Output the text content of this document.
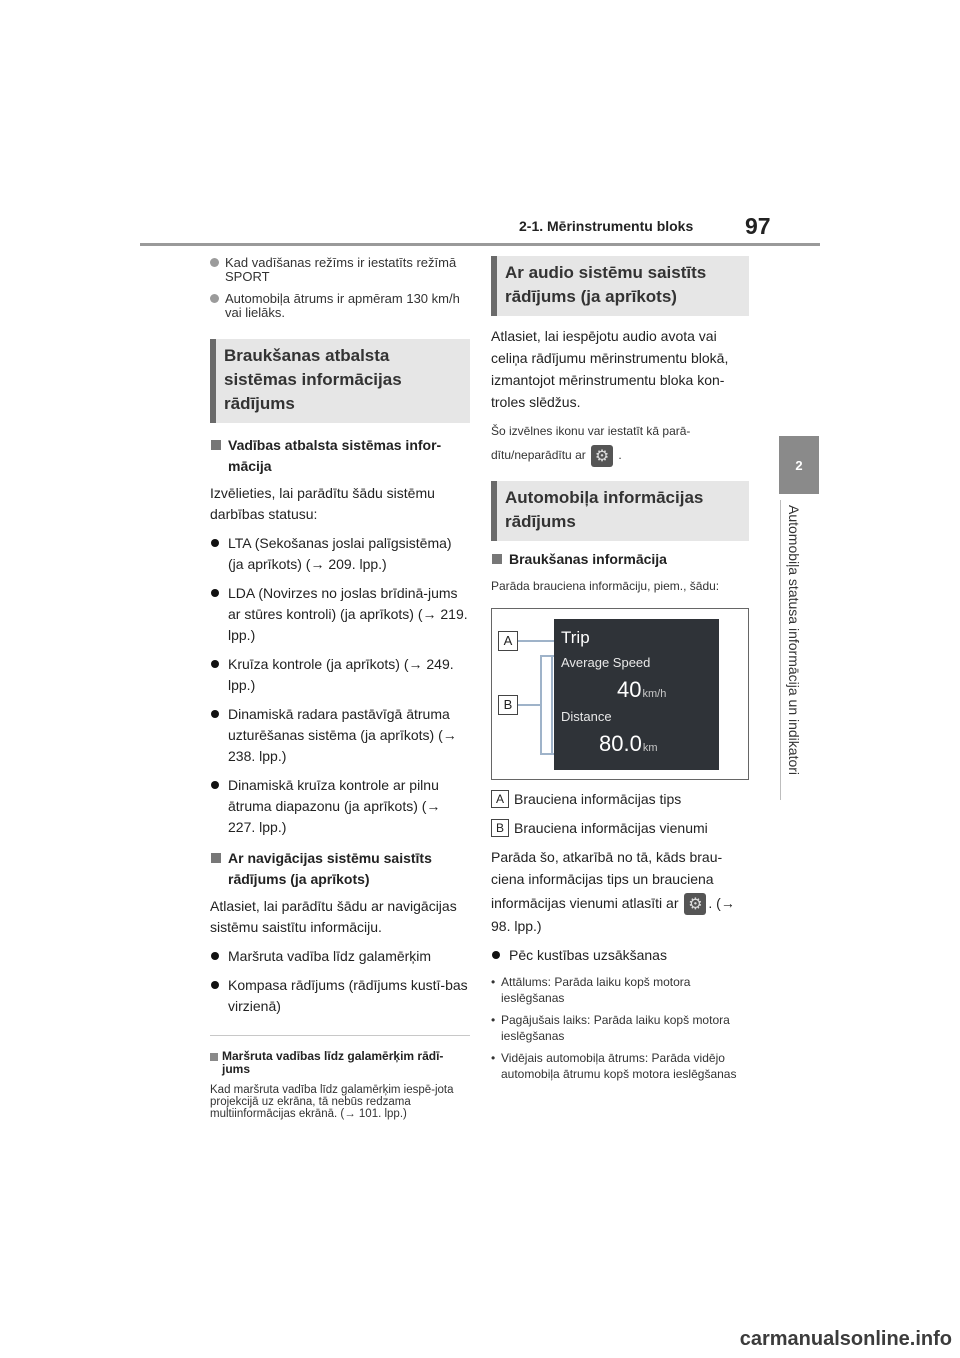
2-1. Mērinstrumentu bloks 97
2
Automobiļa statusa informācija un indikatori
Kad vadīšanas režīms ir iestatīts režīmā SPORT
Automobiļa ātrums ir apmēram 130 km/h vai lielāks.
Braukšanas atbalsta sistēmas informācijas rādījums
Vadības atbalsta sistēmas infor-mācija
Izvēlieties, lai parādītu šādu sistēmu darbības statusu:
LTA (Sekošanas joslai palīgsistēma) (ja aprīkots) (→ 209. lpp.)
LDA (Novirzes no joslas brīdinā-jums ar stūres kontroli) (ja aprīkots) (→ 219. lpp.)
Kruīza kontrole (ja aprīkots) (→ 249. lpp.)
Dinamiskā radara pastāvīgā ātruma uzturēšanas sistēma (ja aprīkots) (→ 238. lpp.)
Dinamiskā kruīza kontrole ar pilnu ātruma diapazonu (ja aprīkots) (→ 227. lpp.)
Ar navigācijas sistēmu saistīts rādījums (ja aprīkots)
Atlasiet, lai parādītu šādu ar navigācijas sistēmu saistītu informāciju.
Maršruta vadība līdz galamērķim
Kompasa rādījums (rādījums kustī-bas virzienā)
Maršruta vadības līdz galamērķim rādī-jums
Kad maršruta vadība līdz galamērķim iespē-jota projekcijā uz ekrāna, tā nebūs redzama multiinformācijas ekrānā. (→ 101. lpp.)
Ar audio sistēmu saistīts rādījums (ja aprīkots)
Atlasiet, lai iespējotu audio avota vai celiņa rādījumu mērinstrumentu blokā, izmantojot mērinstrumentu bloka kon-troles slēdžus.
Šo izvēlnes ikonu var iestatīt kā parā-
dītu/neparādītu ar ⚙	.
Automobiļa informācijas rādījums
Braukšanas informācija
Parāda brauciena informāciju, piem., šādu:
A
B
Trip
Average Speed
40km/h
Distance
80.0km
A Brauciena informācijas tips
B Brauciena informācijas vienumi
Parāda šo, atkarībā no tā, kāds brau-ciena informācijas tips un brauciena
informācijas vienumi atlasīti ar ⚙ . (→ 98. lpp.)
Pēc kustības uzsākšanas
• Attālums: Parāda laiku kopš motora ieslēgšanas
• Pagājušais laiks: Parāda laiku kopš motora ieslēgšanas
• Vidējais automobiļa ātrums: Parāda vidējo automobiļa ātrumu kopš motora ieslēgšanas
carmanualsonline.info
